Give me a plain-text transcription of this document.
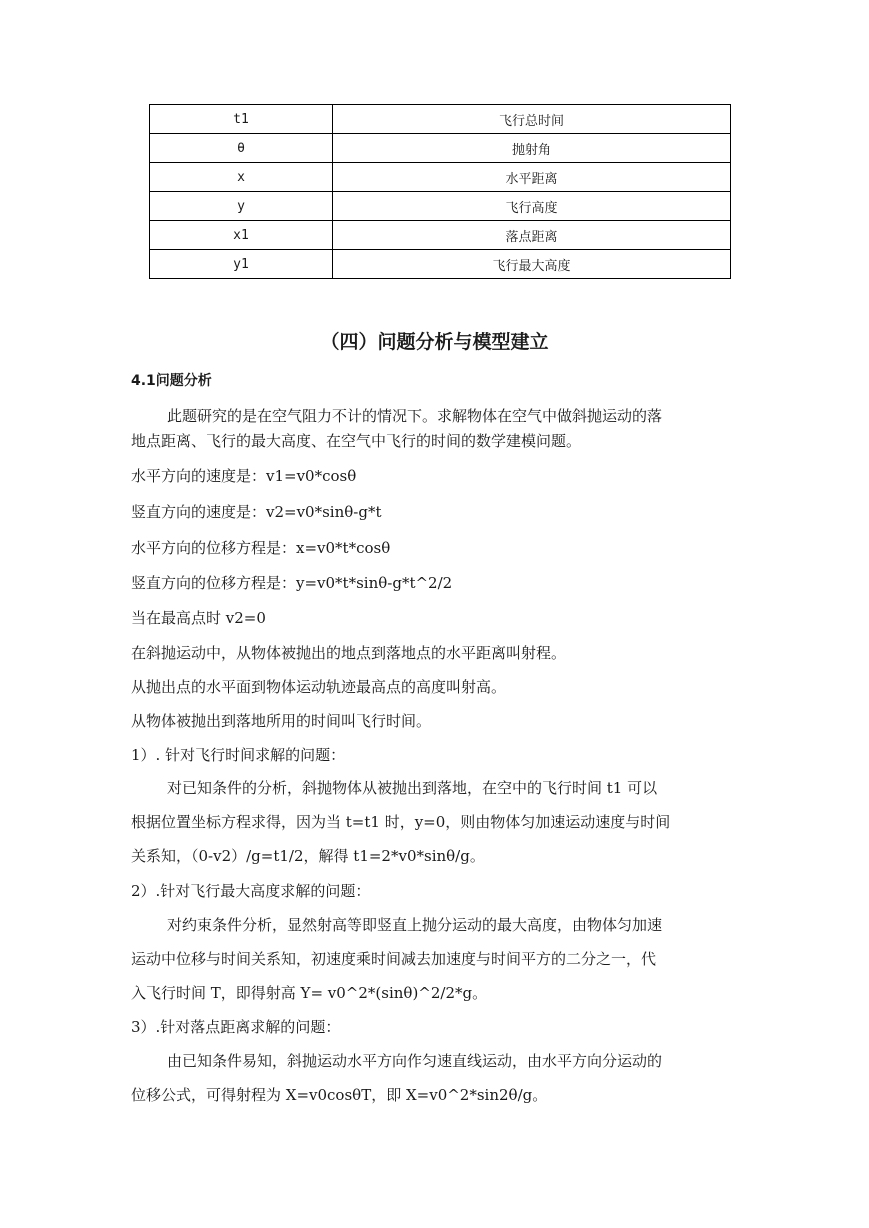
t1	飞行总时间
θ	抛射角
x	水平距离
y	飞行高度
x1	落点距离
y1	飞行最大高度
（四）问题分析与模型建立
4.1问题分析
此题研究的是在空气阻力不计的情况下。求解物体在空气中做斜抛运动的落
地点距离、飞行的最大高度、在空气中飞行的时间的数学建模问题。
水平方向的速度是：v1=v0*cosθ
竖直方向的速度是：v2=v0*sinθ-g*t
水平方向的位移方程是：x=v0*t*cosθ
竖直方向的位移方程是：y=v0*t*sinθ-g*t^2/2
当在最高点时 v2=0
在斜抛运动中，从物体被抛出的地点到落地点的水平距离叫射程。
从抛出点的水平面到物体运动轨迹最高点的高度叫射高。
从物体被抛出到落地所用的时间叫飞行时间。
1）. 针对飞行时间求解的问题：
对已知条件的分析，斜抛物体从被抛出到落地，在空中的飞行时间 t1 可以
根据位置坐标方程求得，因为当 t=t1 时，y=0，则由物体匀加速运动速度与时间
关系知，（0-v2）/g=t1/2，解得 t1=2*v0*sinθ/g。
2）.针对飞行最大高度求解的问题：
对约束条件分析，显然射高等即竖直上抛分运动的最大高度，由物体匀加速
运动中位移与时间关系知，初速度乘时间减去加速度与时间平方的二分之一，代
入飞行时间 T，即得射高 Y= v0^2*(sinθ)^2/2*g。
3）.针对落点距离求解的问题：
由已知条件易知，斜抛运动水平方向作匀速直线运动，由水平方向分运动的
位移公式，可得射程为 X=v0cosθT，即 X=v0^2*sin2θ/g。
